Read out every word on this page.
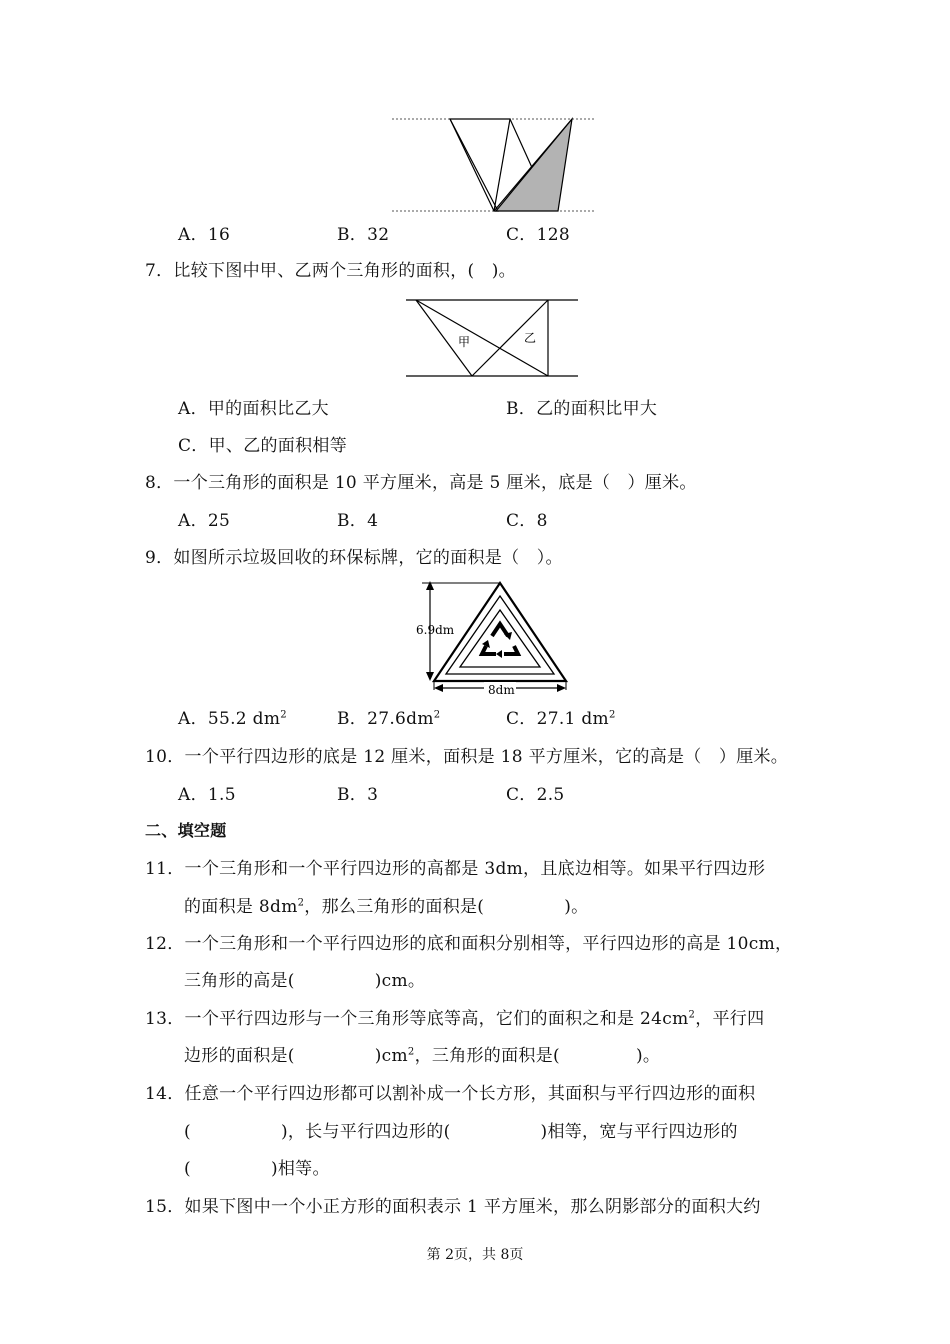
A．16	B．32	C．128
7．比较下图中甲、乙两个三角形的面积，(　)。
甲	乙
A．甲的面积比乙大	B．乙的面积比甲大
C．甲、乙的面积相等
8．一个三角形的面积是 10 平方厘米，高是 5 厘米，底是（　）厘米。
A．25	B．4	C．8
9．如图所示垃圾回收的环保标牌，它的面积是（　）。
6.9dm
8dm
A．55.2 $dm^2$	B．$27.6dm^2$	C．27.1 $dm^2$
10．一个平行四边形的底是 12 厘米，面积是 18 平方厘米，它的高是（　）厘米。
A．1.5	B．3	C．2.5
二、填空题
11．一个三角形和一个平行四边形的高都是 3dm，且底边相等。如果平行四边形
的面积是 $8dm^2$，那么三角形的面积是(	)。
12．一个三角形和一个平行四边形的底和面积分别相等，平行四边形的高是 10cm，
三角形的高是(	)cm。
13．一个平行四边形与一个三角形等底等高，它们的面积之和是 $24cm^2$，平行四
边形的面积是(	)$cm^2$，三角形的面积是(	)。
14．任意一个平行四边形都可以割补成一个长方形，其面积与平行四边形的面积
(	)，长与平行四边形的(	)相等，宽与平行四边形的
(	)相等。
15．如果下图中一个小正方形的面积表示 1 平方厘米，那么阴影部分的面积大约
第 2页，共 8页
